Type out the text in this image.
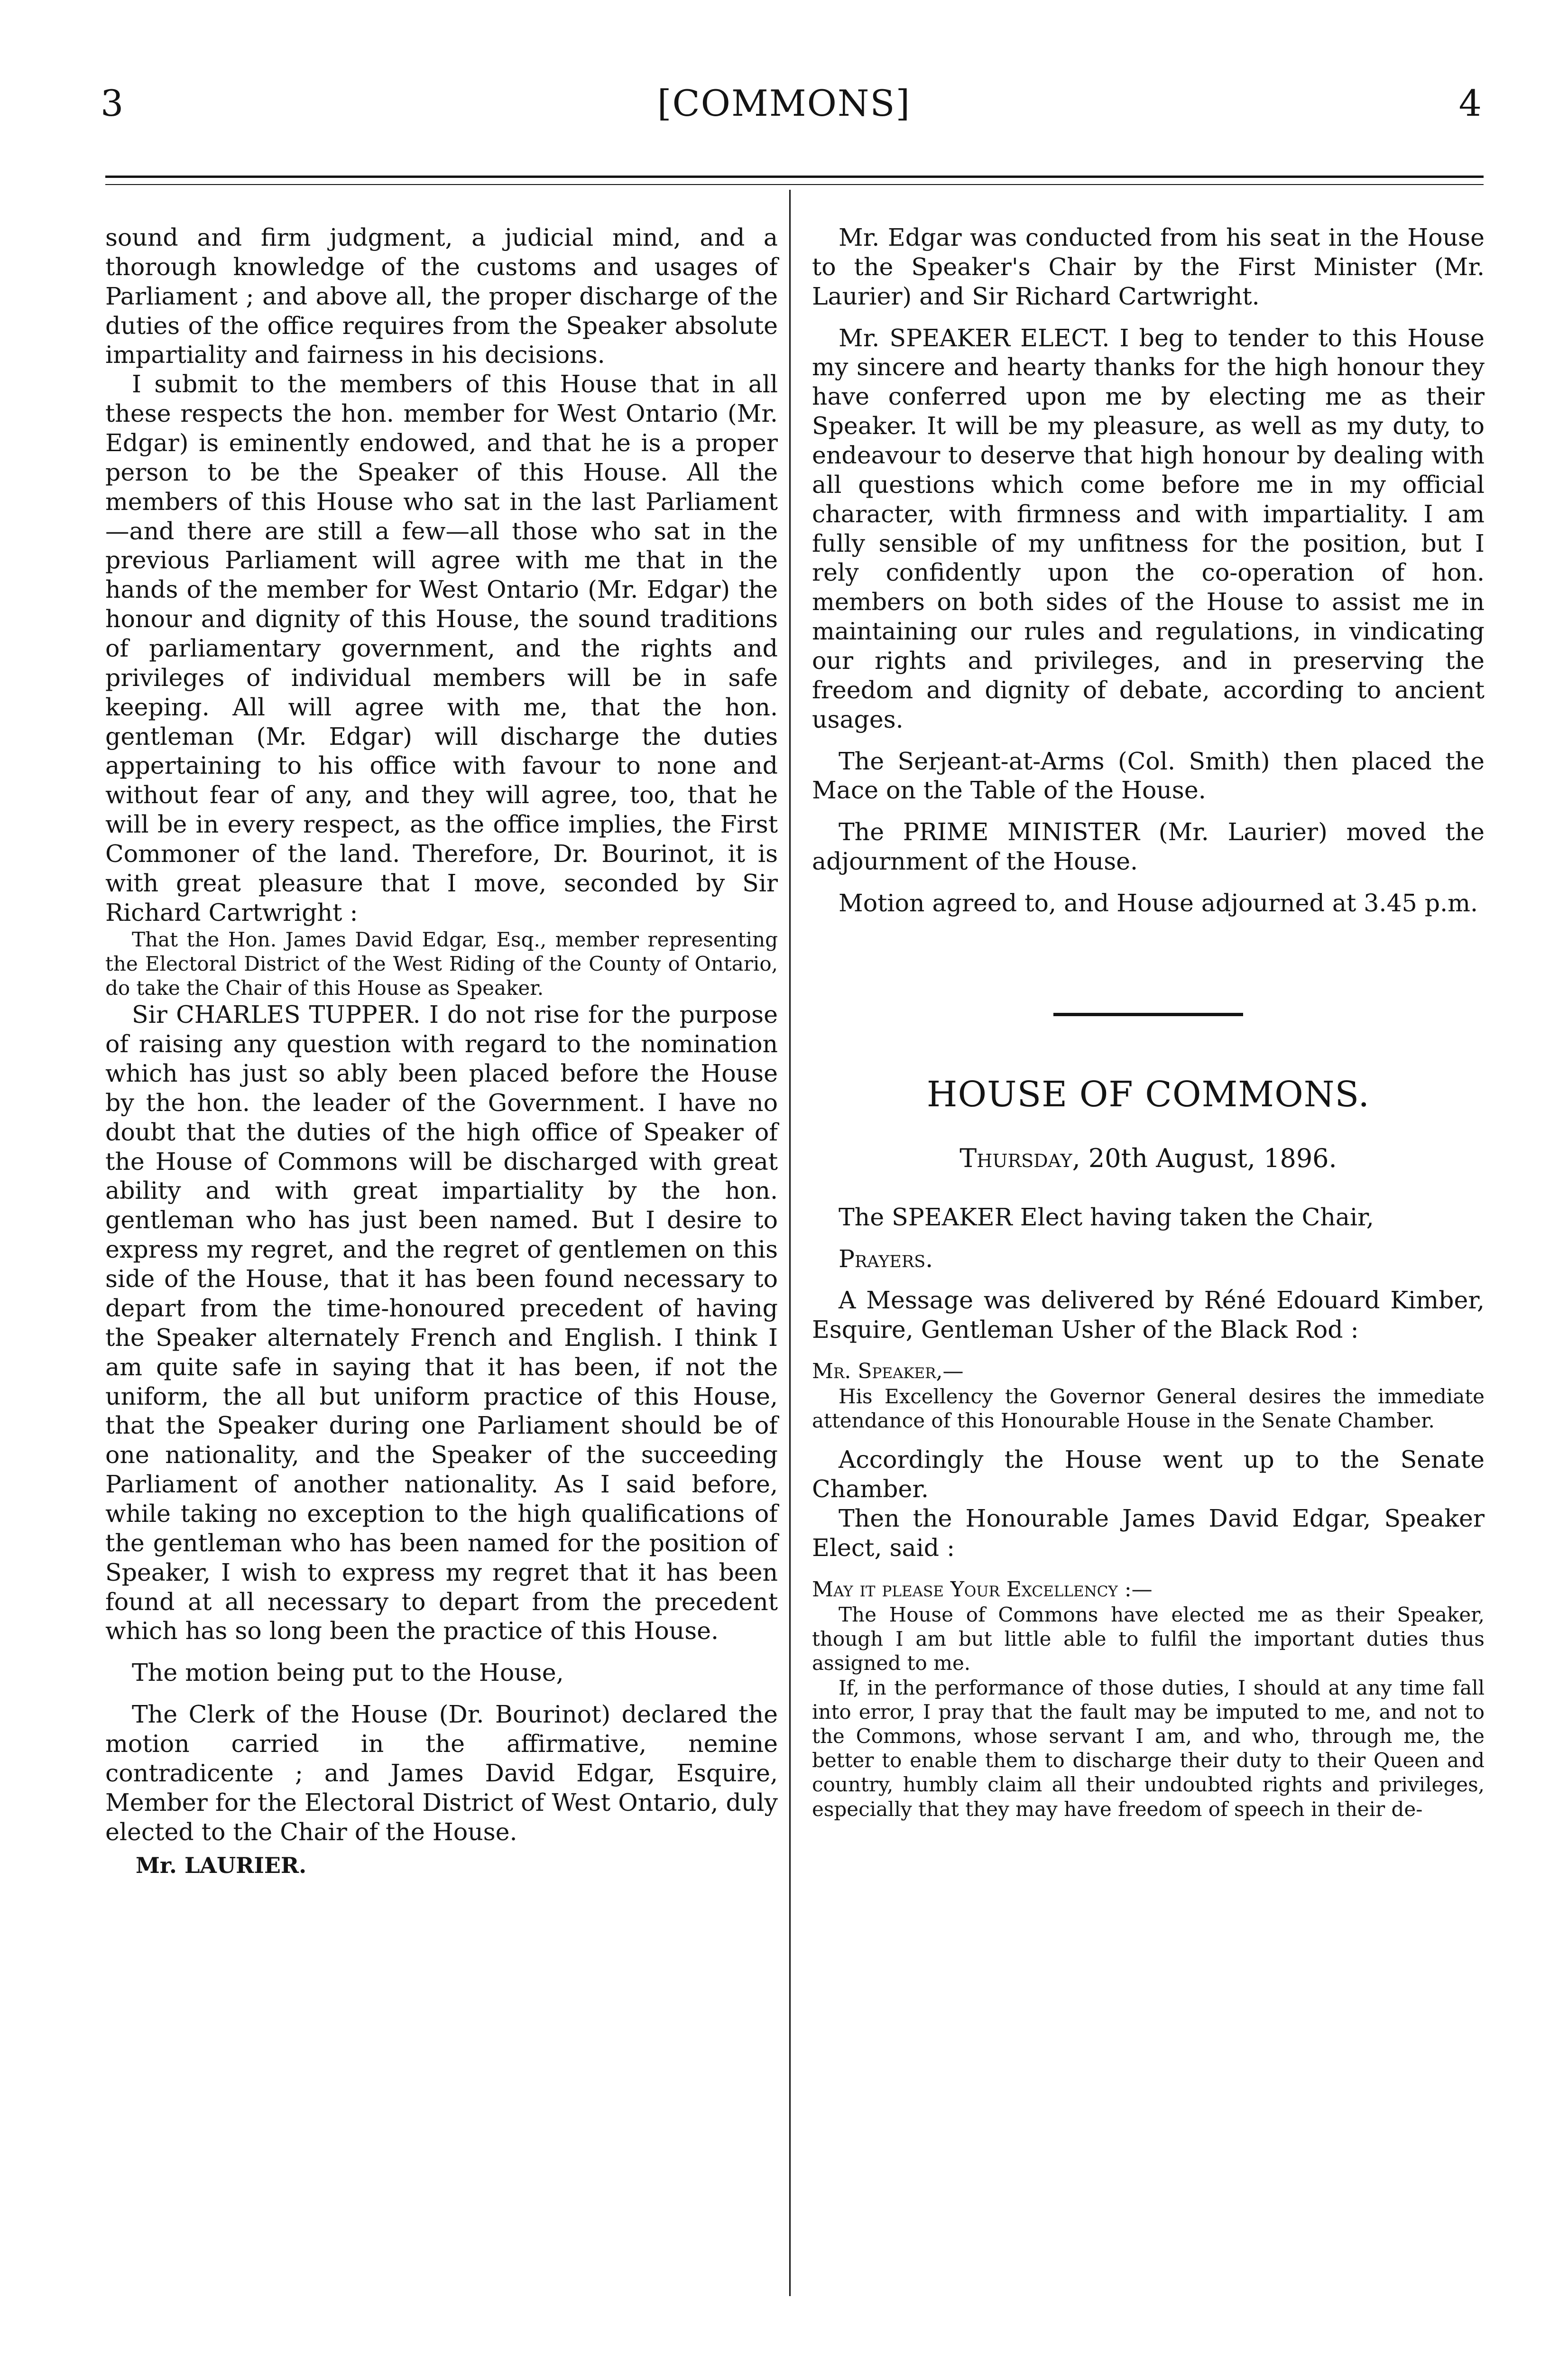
3	[COMMONS]	4

sound and firm judgment, a judicial mind, and a thorough knowledge of the customs and usages of Parliament ; and above all, the proper discharge of the duties of the office requires from the Speaker absolute impartiality and fairness in his decisions.

I submit to the members of this House that in all these respects the hon. member for West Ontario (Mr. Edgar) is eminently endowed, and that he is a proper person to be the Speaker of this House. All the members of this House who sat in the last Parliament—and there are still a few—all those who sat in the previous Parliament will agree with me that in the hands of the member for West Ontario (Mr. Edgar) the honour and dignity of this House, the sound traditions of parliamentary government, and the rights and privileges of individual members will be in safe keeping. All will agree with me, that the hon. gentleman (Mr. Edgar) will discharge the duties appertaining to his office with favour to none and without fear of any, and they will agree, too, that he will be in every respect, as the office implies, the First Commoner of the land. Therefore, Dr. Bourinot, it is with great pleasure that I move, seconded by Sir Richard Cartwright :

That the Hon. James David Edgar, Esq., member representing the Electoral District of the West Riding of the County of Ontario, do take the Chair of this House as Speaker.

Sir CHARLES TUPPER. I do not rise for the purpose of raising any question with regard to the nomination which has just so ably been placed before the House by the hon. the leader of the Government. I have no doubt that the duties of the high office of Speaker of the House of Commons will be discharged with great ability and with great impartiality by the hon. gentleman who has just been named. But I desire to express my regret, and the regret of gentlemen on this side of the House, that it has been found necessary to depart from the time-honoured precedent of having the Speaker alternately French and English. I think I am quite safe in saying that it has been, if not the uniform, the all but uniform practice of this House, that the Speaker during one Parliament should be of one nationality, and the Speaker of the succeeding Parliament of another nationality. As I said before, while taking no exception to the high qualifications of the gentleman who has been named for the position of Speaker, I wish to express my regret that it has been found at all necessary to depart from the precedent which has so long been the practice of this House.

The motion being put to the House,

The Clerk of the House (Dr. Bourinot) declared the motion carried in the affirmative, nemine contradicente ; and James David Edgar, Esquire, Member for the Electoral District of West Ontario, duly elected to the Chair of the House.

Mr. LAURIER.

Mr. Edgar was conducted from his seat in the House to the Speaker's Chair by the First Minister (Mr. Laurier) and Sir Richard Cartwright.

Mr. SPEAKER ELECT. I beg to tender to this House my sincere and hearty thanks for the high honour they have conferred upon me by electing me as their Speaker. It will be my pleasure, as well as my duty, to endeavour to deserve that high honour by dealing with all questions which come before me in my official character, with firmness and with impartiality. I am fully sensible of my unfitness for the position, but I rely confidently upon the co-operation of hon. members on both sides of the House to assist me in maintaining our rules and regulations, in vindicating our rights and privileges, and in preserving the freedom and dignity of debate, according to ancient usages.

The Serjeant-at-Arms (Col. Smith) then placed the Mace on the Table of the House.

The PRIME MINISTER (Mr. Laurier) moved the adjournment of the House.

Motion agreed to, and House adjourned at 3.45 p.m.

HOUSE OF COMMONS.
Thursday, 20th August, 1896.

The SPEAKER Elect having taken the Chair,

Prayers.

A Message was delivered by Réné Edouard Kimber, Esquire, Gentleman Usher of the Black Rod :

Mr. Speaker,—

His Excellency the Governor General desires the immediate attendance of this Honourable House in the Senate Chamber.

Accordingly the House went up to the Senate Chamber.

Then the Honourable James David Edgar, Speaker Elect, said :

May it please Your Excellency :—

The House of Commons have elected me as their Speaker, though I am but little able to fulfil the important duties thus assigned to me.

If, in the performance of those duties, I should at any time fall into error, I pray that the fault may be imputed to me, and not to the Commons, whose servant I am, and who, through me, the better to enable them to discharge their duty to their Queen and country, humbly claim all their undoubted rights and privileges, especially that they may have freedom of speech in their de-
